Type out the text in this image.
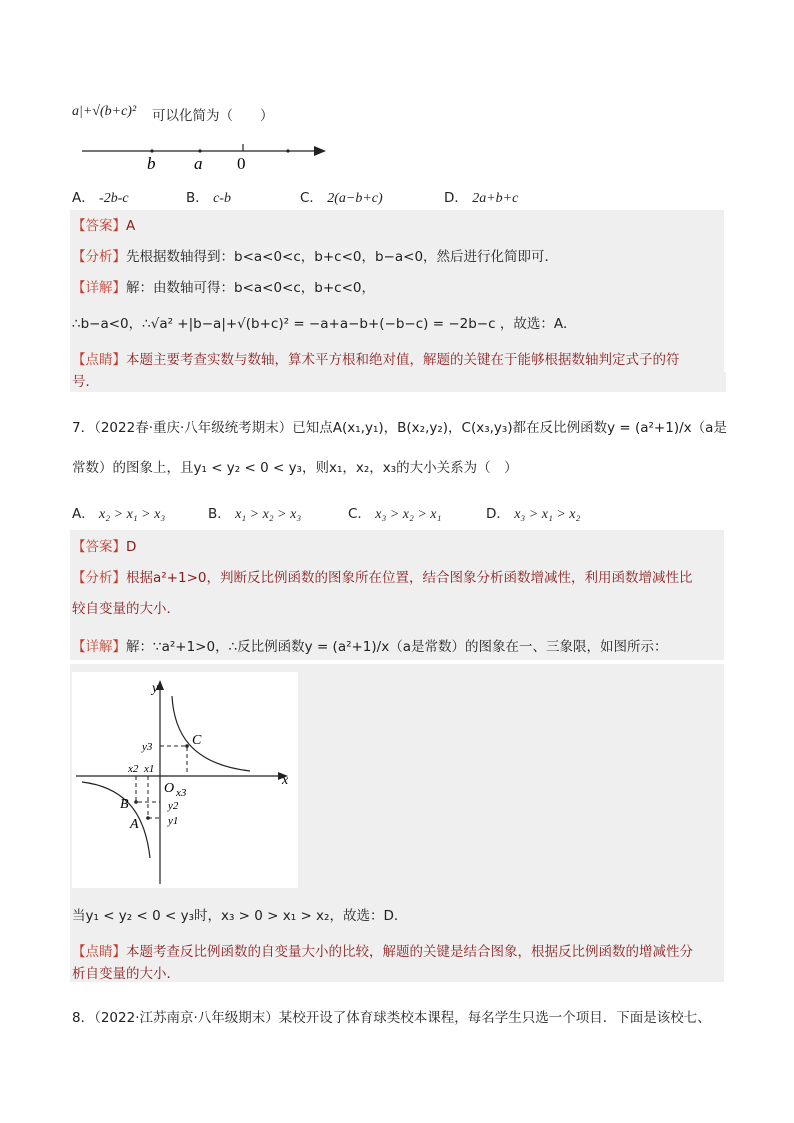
a|+√(b+c)² 可以化简为（　　）
b a 0
A． -2b-c	B． c-b	C． 2(a−b+c)	D． 2a+b+c
【答案】A
【分析】先根据数轴得到：b<a<0<c，b+c<0，b−a<0，然后进行化简即可．
【详解】解：由数轴可得：b<a<0<c，b+c<0，
∴b−a<0，∴√a² +|b−a|+√(b+c)² = −a+a−b+(−b−c) = −2b−c ，故选：A．
【点睛】本题主要考查实数与数轴，算术平方根和绝对值，解题的关键在于能够根据数轴判定式子的符
号．
7．（2022春·重庆·八年级统考期末）已知点A(x₁,y₁)，B(x₂,y₂)，C(x₃,y₃)都在反比例函数y = (a²+1)/x（a是
常数）的图象上，且y₁ < y₂ < 0 < y₃，则x₁，x₂，x₃的大小关系为（　）
A． x₂ > x₁ > x₃	B． x₁ > x₂ > x₃	C． x₃ > x₂ > x₁	D． x₃ > x₁ > x₂
【答案】D
【分析】根据a²+1>0，判断反比例函数的图象所在位置，结合图象分析函数增减性，利用函数增减性比
较自变量的大小．
【详解】解：∵a²+1>0，∴反比例函数y = (a²+1)/x（a是常数）的图象在一、三象限，如图所示：
y
x
O
C
B
A
y3
x2 x1
x3
y2
y1
当y₁ < y₂ < 0 < y₃时，x₃ > 0 > x₁ > x₂，故选：D．
【点睛】本题考查反比例函数的自变量大小的比较，解题的关键是结合图象，根据反比例函数的增减性分
析自变量的大小．
8．（2022·江苏南京·八年级期末）某校开设了体育球类校本课程，每名学生只选一个项目．下面是该校七、
